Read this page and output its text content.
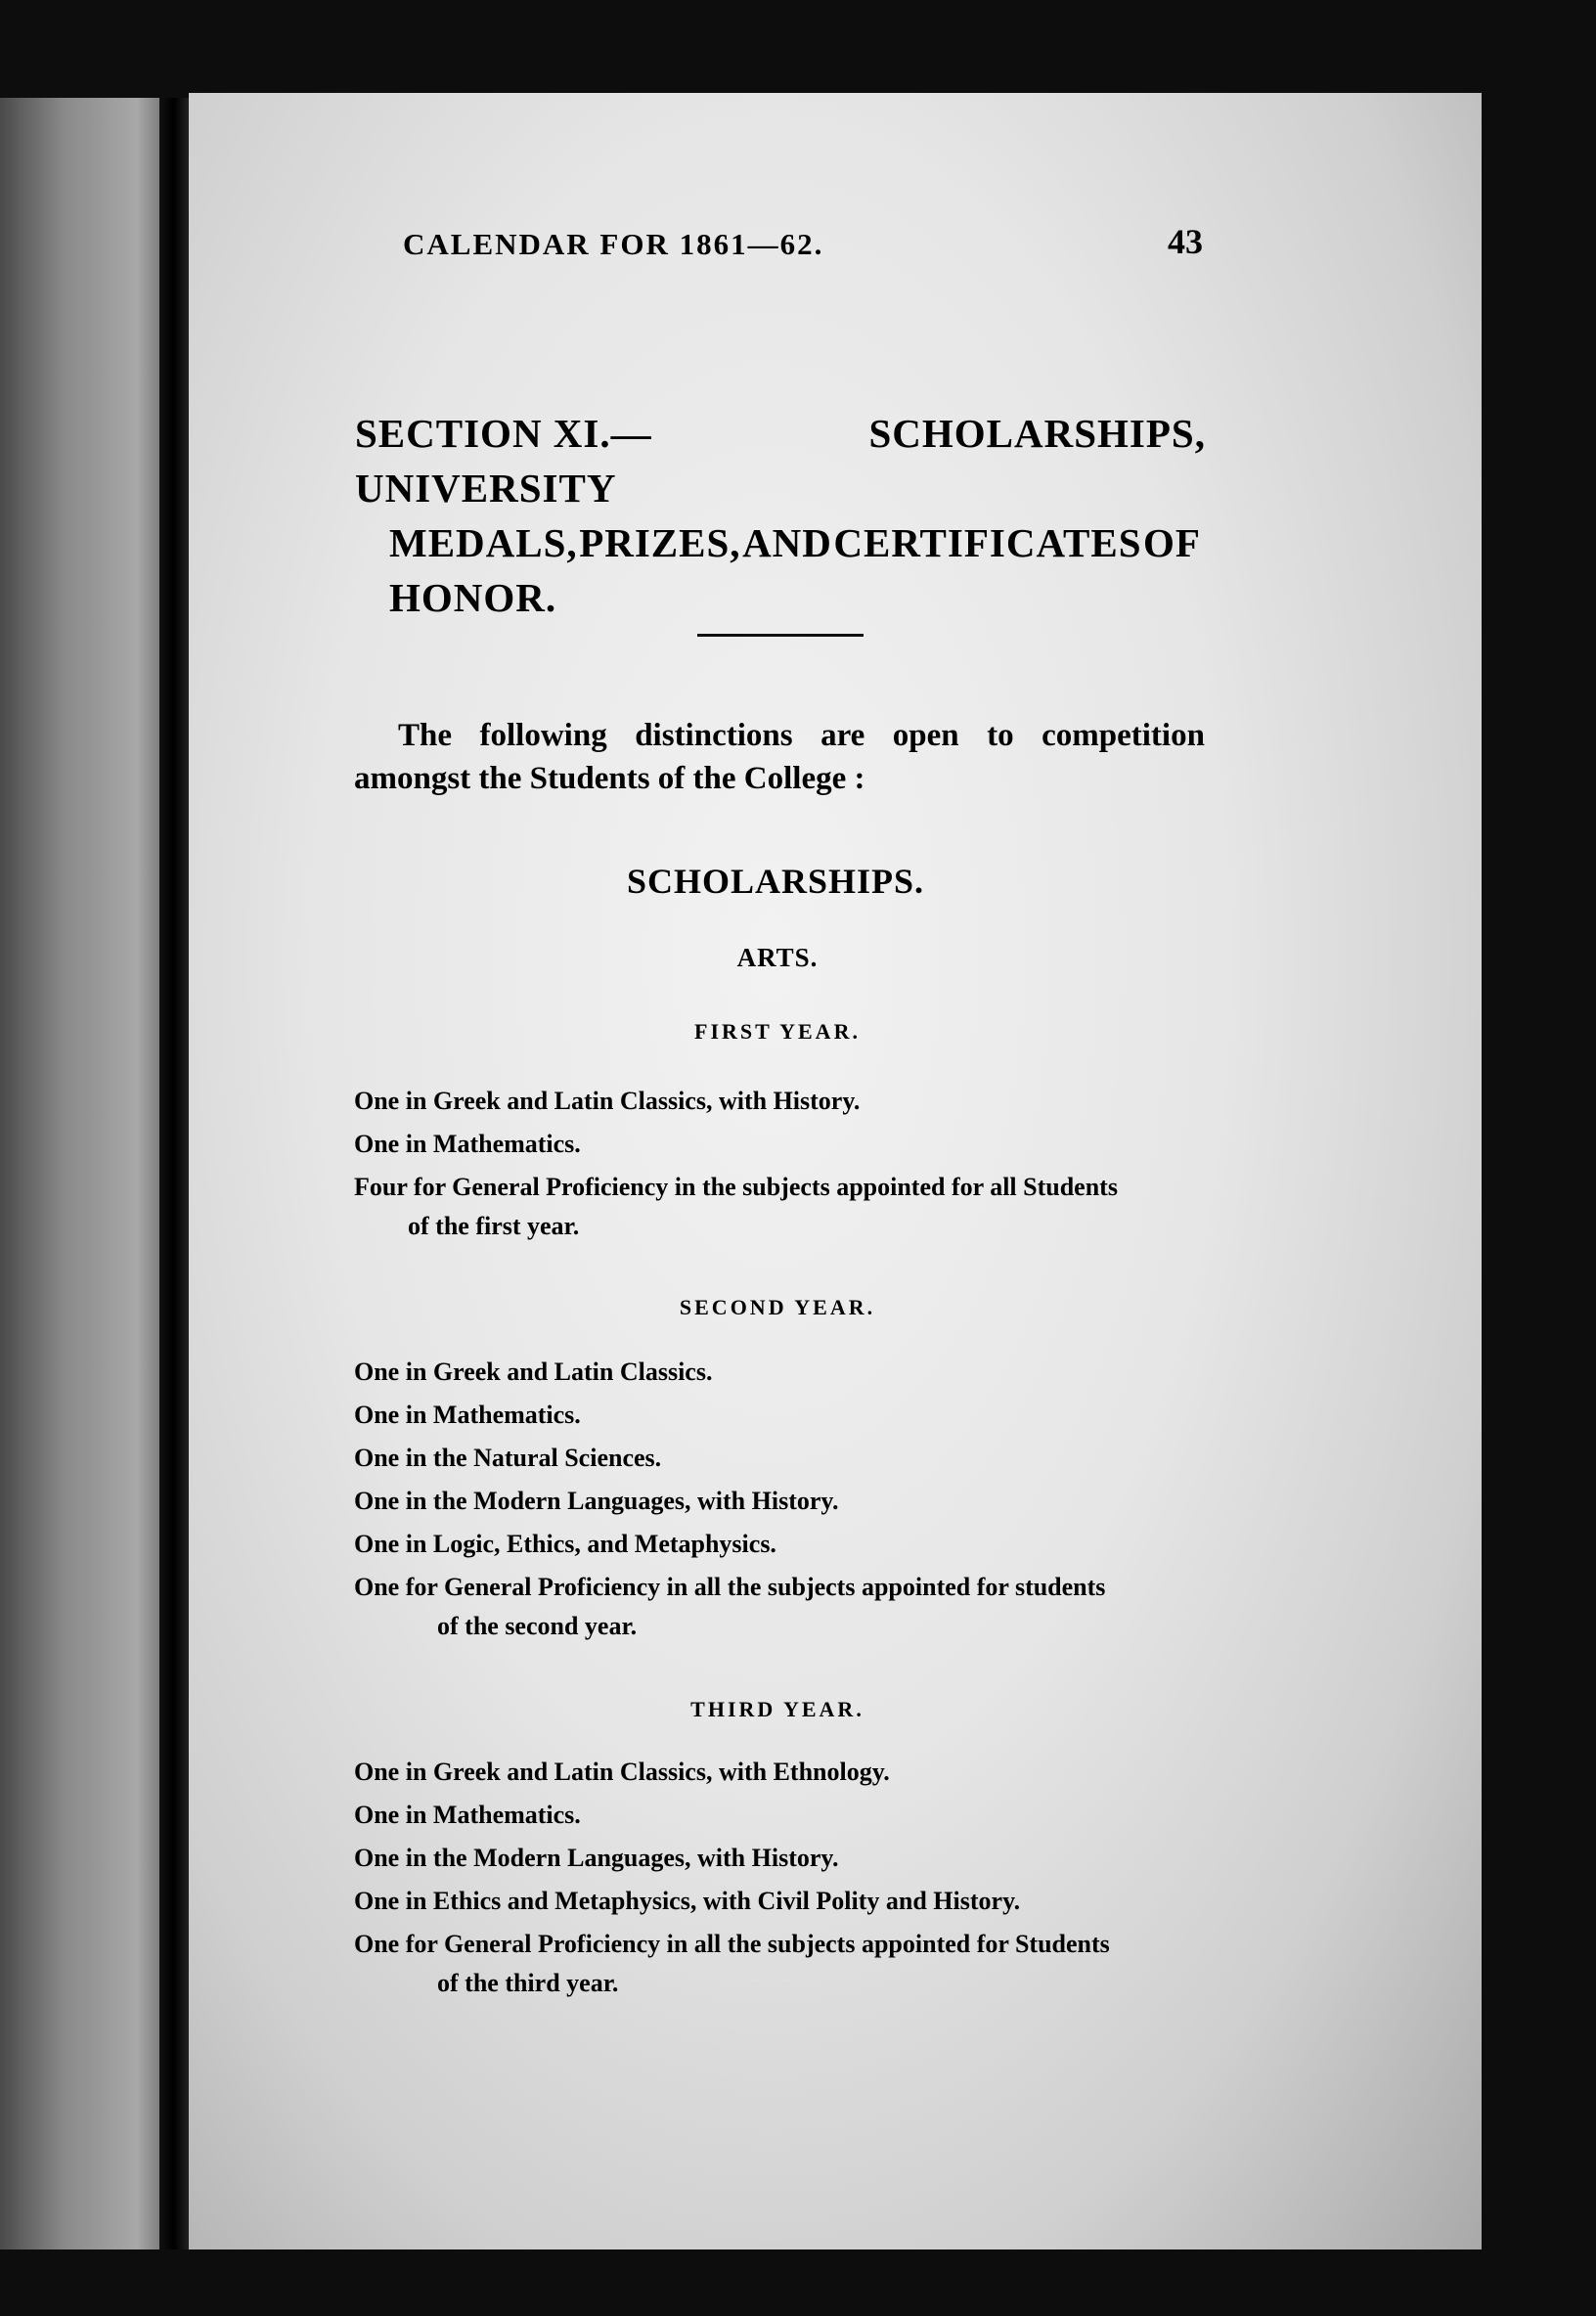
CALENDAR FOR 1861—62.	43
SECTION XI.—UNIVERSITY
SCHOLARSHIPS,
MEDALS, PRIZES, AND CERTIFICATES OF
HONOR.
The following distinctions are open to competition
amongst the Students of the College :
SCHOLARSHIPS.
ARTS.
FIRST YEAR.
One in Greek and Latin Classics, with History.
One in Mathematics.
Four for General Proficiency in the subjects appointed for all Students
of the first year.
SECOND YEAR.
One in Greek and Latin Classics.
One in Mathematics.
One in the Natural Sciences.
One in the Modern Languages, with History.
One in Logic, Ethics, and Metaphysics.
One for General Proficiency in all the subjects appointed for students
of the second year.
THIRD YEAR.
One in Greek and Latin Classics, with Ethnology.
One in Mathematics.
One in the Modern Languages, with History.
One in Ethics and Metaphysics, with Civil Polity and History.
One for General Proficiency in all the subjects appointed for Students
of the third year.
